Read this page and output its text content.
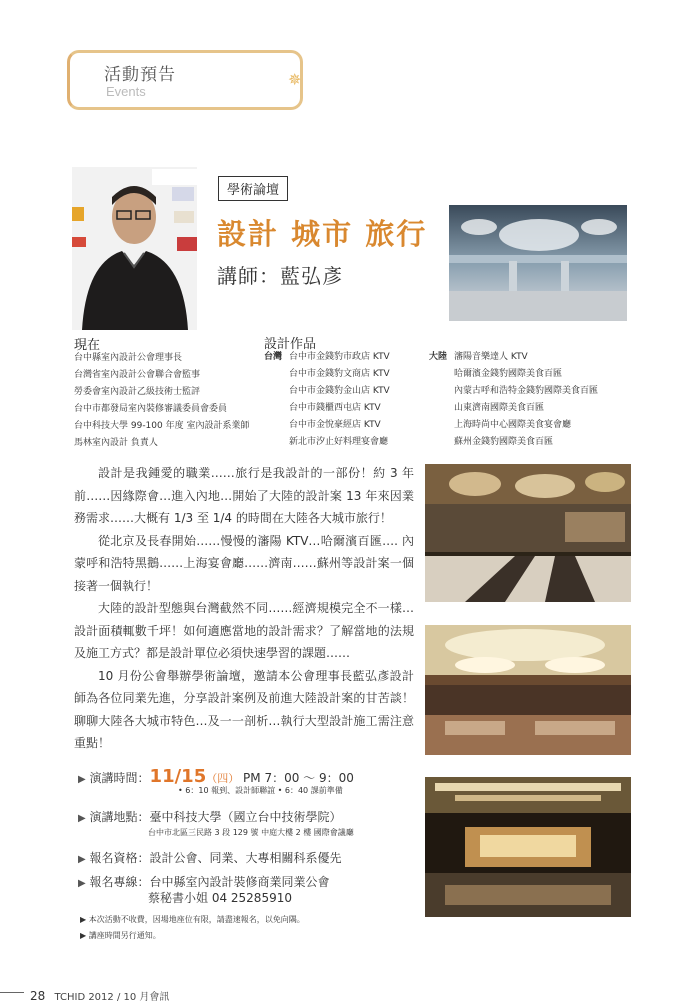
活動預告
Events
✵
學術論壇
設計 城市 旅行
講師：藍弘彥
現在
台中縣室內設計公會理事長
台灣省室內設計公會聯合會監事
勞委會室內設計乙級技術士監評
台中市都發局室內裝修審議委員會委員
台中科技大學 99-100 年度 室內設計系業師
馬林室內設計 負責人
設計作品
台灣 台中市金錢豹市政店 KTV
台中市金錢豹文商店 KTV
台中市金錢豹金山店 KTV
台中市錢櫃西屯店 KTV
台中市金悅豪經店 KTV
新北市汐止好料理宴會廳
大陸 瀋陽音樂達人 KTV
哈爾濱金錢豹國際美食百匯
內蒙古呼和浩特金錢豹國際美食百匯
山東濟南國際美食百匯
上海時尚中心國際美食宴會廳
蘇州金錢豹國際美食百匯

設計是我鍾愛的職業……旅行是我設計的一部份！約 3 年前……因緣際會…進入內地…開始了大陸的設計案 13 年來因業務需求……大概有 1/3 至 1/4 的時間在大陸各大城市旅行！

從北京及長春開始……慢慢的瀋陽 KTV…哈爾濱百匯…. 內蒙呼和浩特黑鵝……上海宴會廳……濟南……蘇州等設計案一個接著一個執行！

大陸的設計型態與台灣截然不同……經濟規模完全不一樣…設計面積輒數千坪！如何適應當地的設計需求？了解當地的法規及施工方式？都是設計單位必須快速學習的課題……

10 月份公會舉辦學術論壇，邀請本公會理事長藍弘彥設計師為各位同業先進，分享設計案例及前進大陸設計案的甘苦談！聊聊大陸各大城市特色…及一一剖析…執行大型設計施工需注意重點！

▶ 演講時間：11/15（四） PM 7：00 ～ 9：00
• 6：10 報到、設計師聯誼 • 6：40 課前準備
▶ 演講地點：臺中科技大學（國立台中技術學院）
台中市北區三民路 3 段 129 號 中庭大樓 2 樓 國際會議廳
▶ 報名資格：設計公會、同業、大專相關科系優先
▶ 報名專線：台中縣室內設計裝修商業同業公會
蔡秘書小姐 04 25285910
▶ 本次活動不收費，因場地座位有限，請盡速報名，以免向隅。
▶ 講座時間另行通知。
28 TCHID 2012 / 10 月會訊
